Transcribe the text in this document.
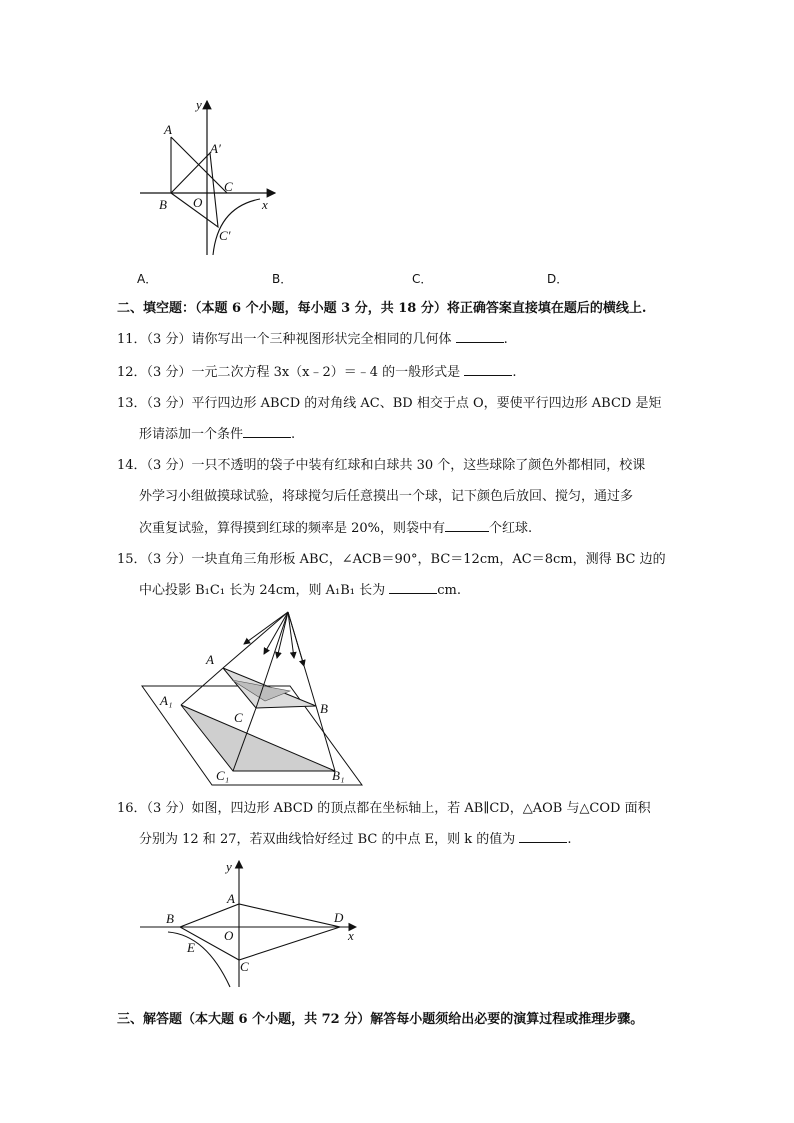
y
A
A′
C
B O	x
C′
A．	B．	C．	D．
二、填空题：（本题 6 个小题，每小题 3 分，共 18 分）将正确答案直接填在题后的横线上.
11．（3 分）请你写出一个三种视图形状完全相同的几何体	.
12．（3 分）一元二次方程 3x（x﹣2）＝﹣4 的一般形式是	.
13．（3 分）平行四边形 ABCD 的对角线 AC、BD 相交于点 O，要使平行四边形 ABCD 是矩
形请添加一个条件	.
14．（3 分）一只不透明的袋子中装有红球和白球共 30 个，这些球除了颜色外都相同，校课
外学习小组做摸球试验，将球搅匀后任意摸出一个球，记下颜色后放回、搅匀，通过多
次重复试验，算得摸到红球的频率是 20%，则袋中有	个红球.
15．（3 分）一块直角三角形板 ABC，∠ACB＝90°，BC＝12cm，AC＝8cm，测得 BC 边的
中心投影 B₁C₁ 长为 24cm，则 A₁B₁ 长为	cm.
A
A₁
C
B
C₁	B₁
16．（3 分）如图，四边形 ABCD 的顶点都在坐标轴上，若 AB∥CD，△AOB 与△COD 面积
分别为 12 和 27，若双曲线恰好经过 BC 的中点 E，则 k 的值为	.
y
A
B	D
O	x
E
C
三、解答题（本大题 6 个小题，共 72 分）解答每小题须给出必要的演算过程或推理步骤。
